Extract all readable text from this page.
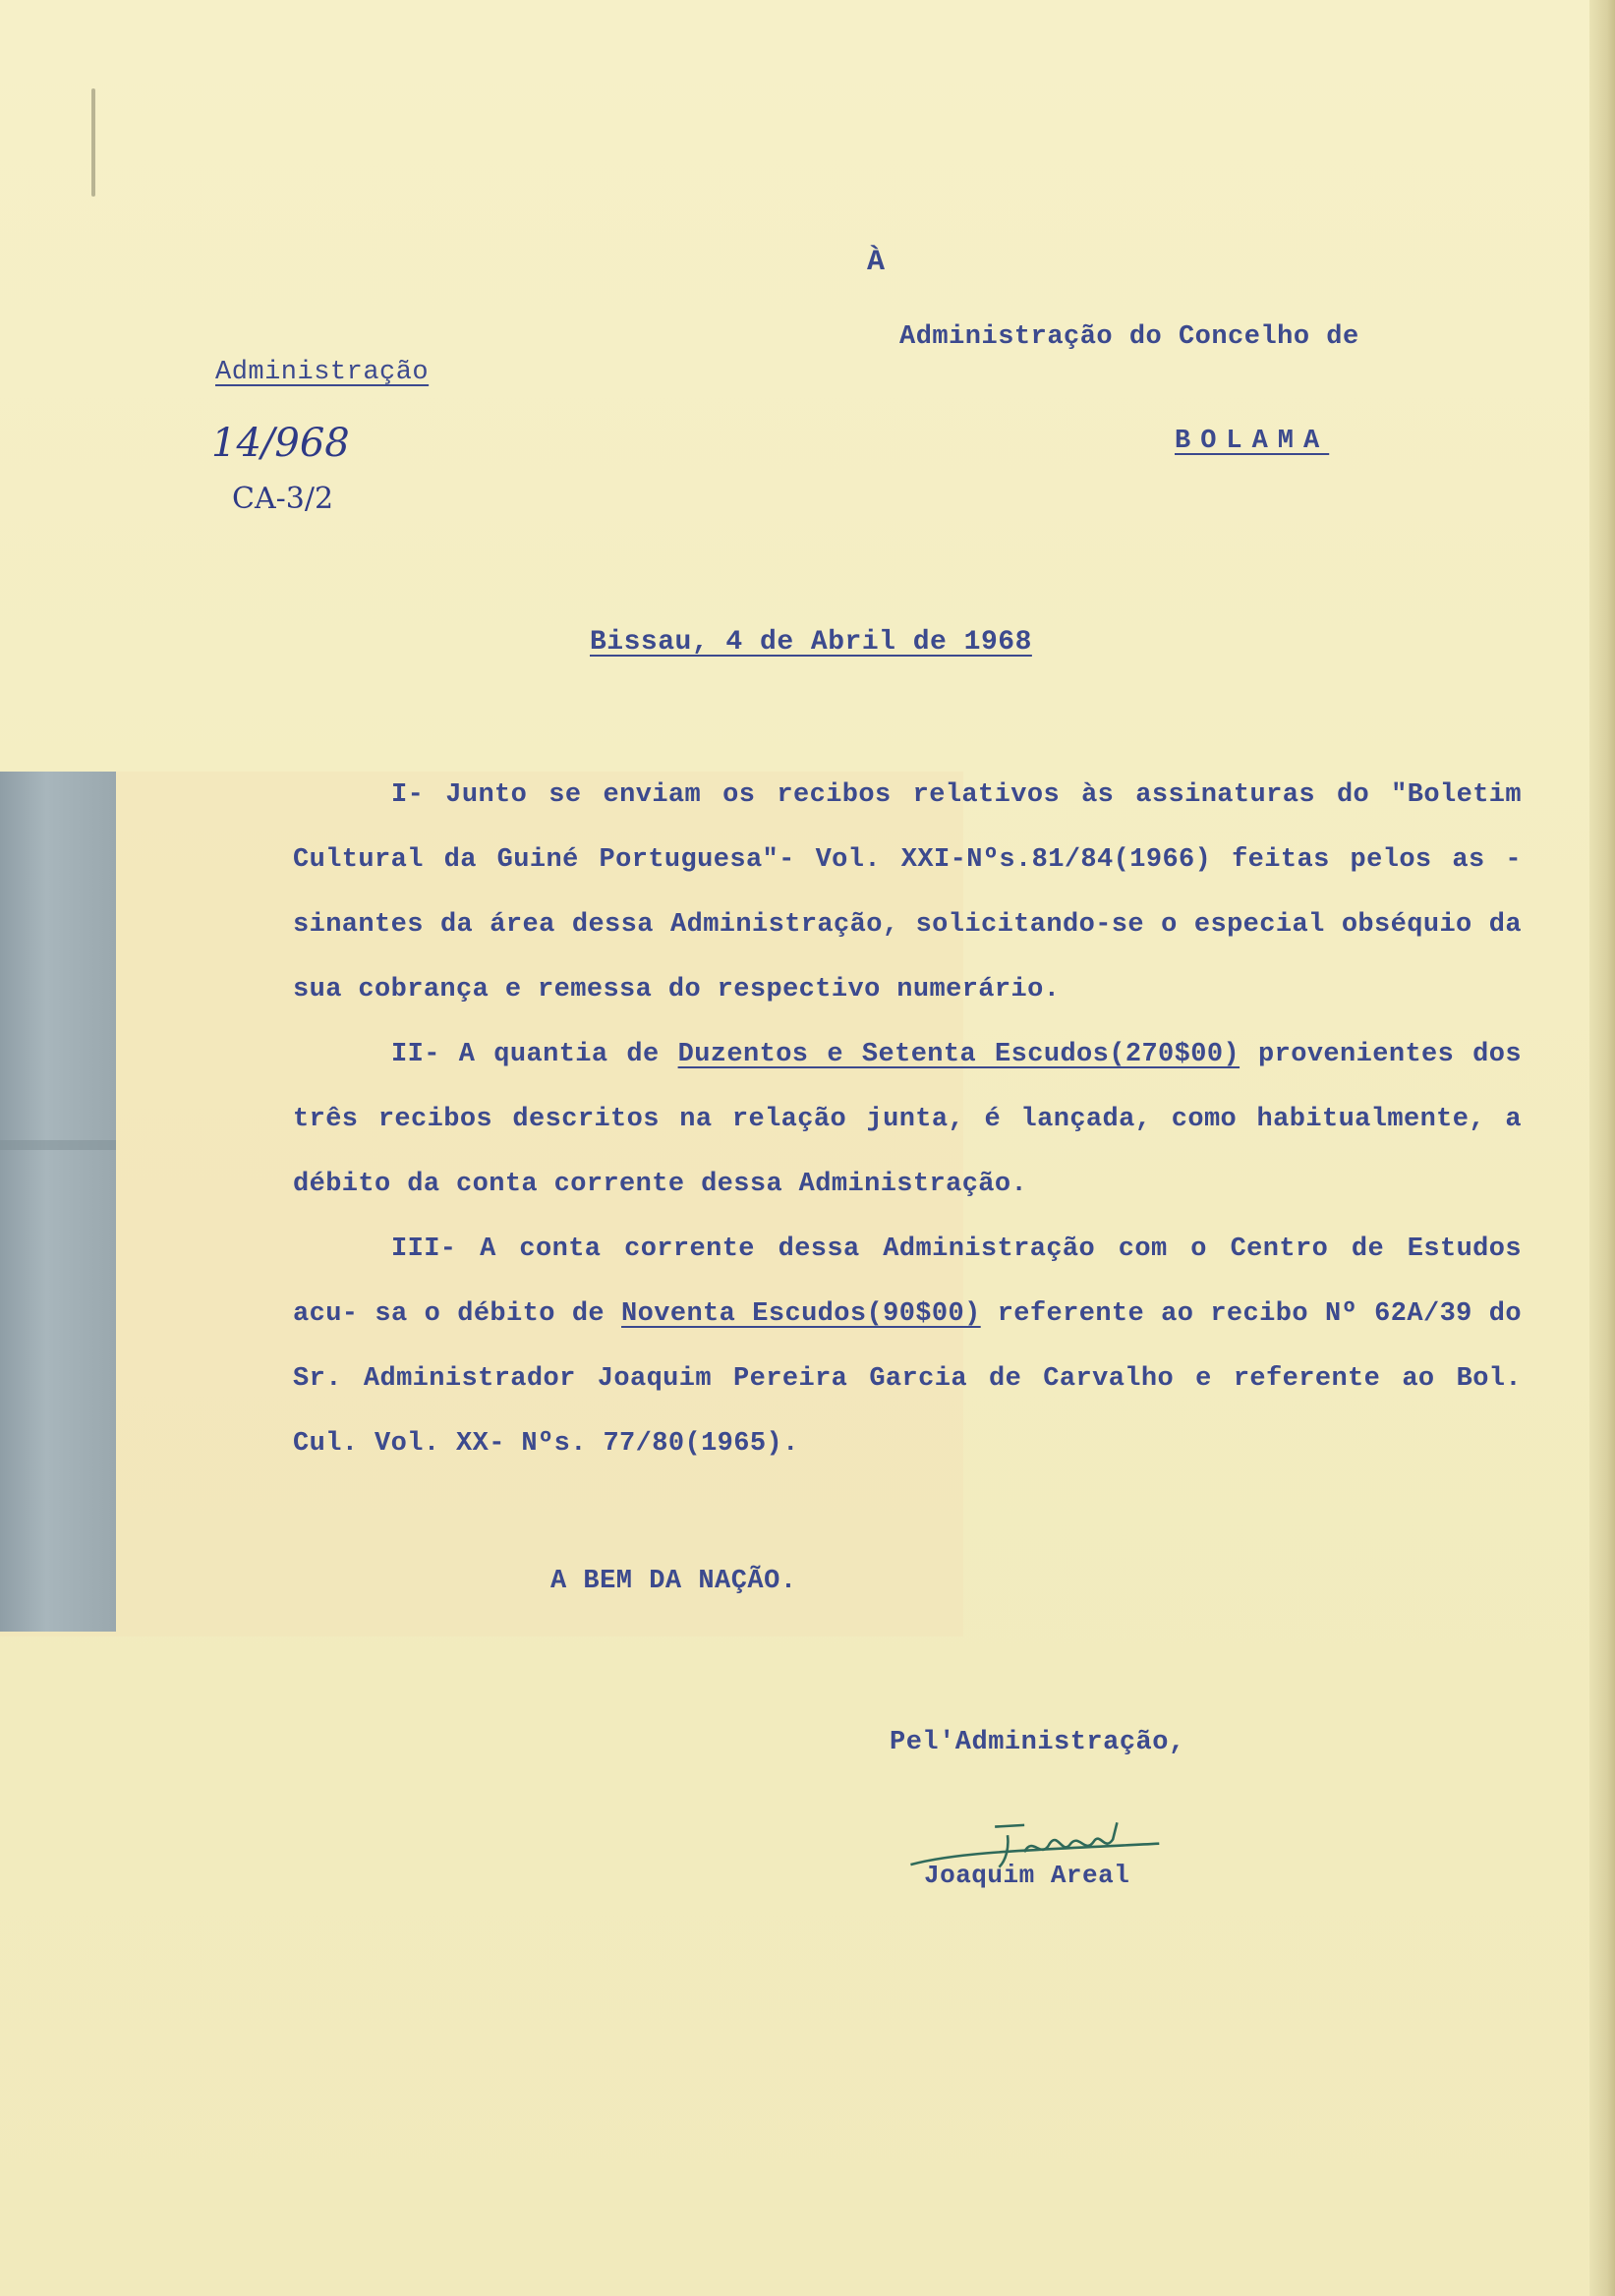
À
Administração do Concelho de
BOLAMA
Administração
14/968
CA-3/2
Bissau, 4 de Abril de 1968

I- Junto se enviam os recibos relativos às assinaturas do "Boletim Cultural da Guiné Portuguesa"- Vol. XXI-Nºs.81/84(1966) feitas pelos as - sinantes da área dessa Administração, solicitando-se o especial obséquio da sua cobrança e remessa do respectivo numerário.

II- A quantia de Duzentos e Setenta Escudos(270$00) provenientes dos três recibos descritos na relação junta, é lançada, como habitualmente, a débito da conta corrente dessa Administração.

III- A conta corrente dessa Administração com o Centro de Estudos acu- sa o débito de Noventa Escudos(90$00) referente ao recibo Nº 62A/39 do Sr. Administrador Joaquim Pereira Garcia de Carvalho e referente ao Bol. Cul. Vol. XX- Nºs. 77/80(1965).

A BEM DA NAÇÃO.
Pel'Administração,
Joaquim Areal
